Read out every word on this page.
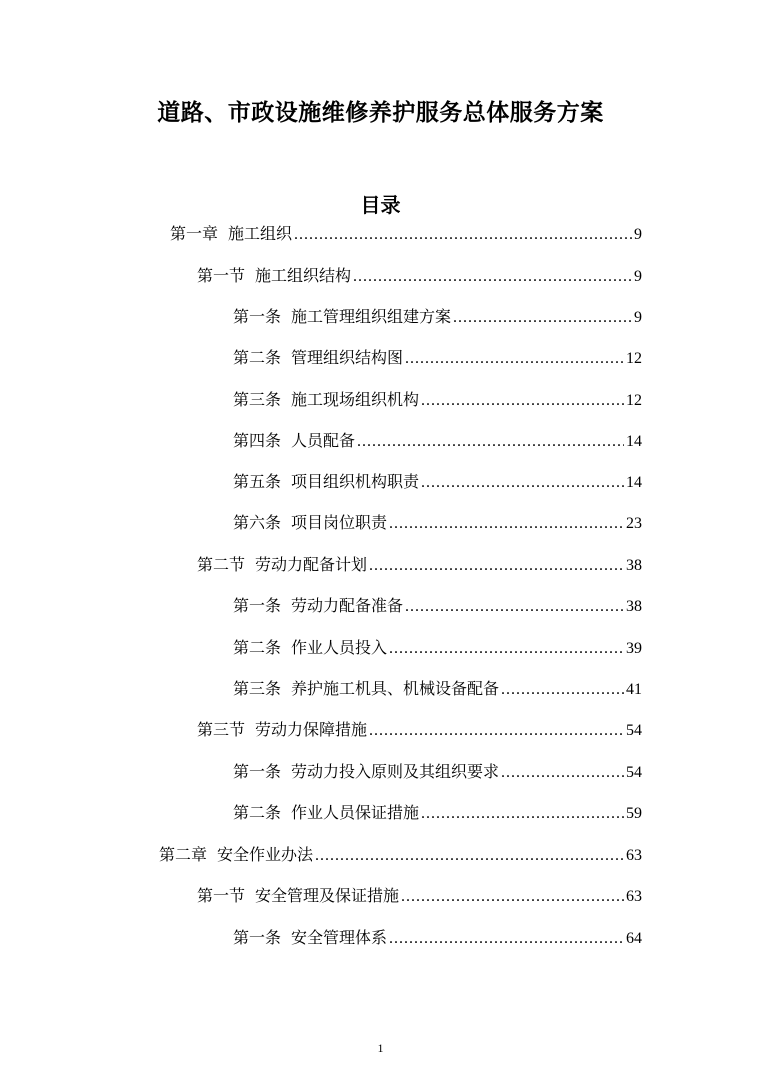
道路、市政设施维修养护服务总体服务方案
目录
第一章 施工组织 .....	9
第一节 施工组织结构 .....	9
第一条 施工管理组织组建方案 .....	9
第二条 管理组织结构图 .....	12
第三条 施工现场组织机构 .....	12
第四条 人员配备 .....	14
第五条 项目组织机构职责 .....	14
第六条 项目岗位职责 .....	23
第二节 劳动力配备计划 .....	38
第一条 劳动力配备准备 .....	38
第二条 作业人员投入 .....	39
第三条 养护施工机具、机械设备配备 .....	41
第三节 劳动力保障措施 .....	54
第一条 劳动力投入原则及其组织要求 .....	54
第二条 作业人员保证措施 .....	59
第二章 安全作业办法 .....	63
第一节 安全管理及保证措施 .....	63
第一条 安全管理体系 .....	64
1
